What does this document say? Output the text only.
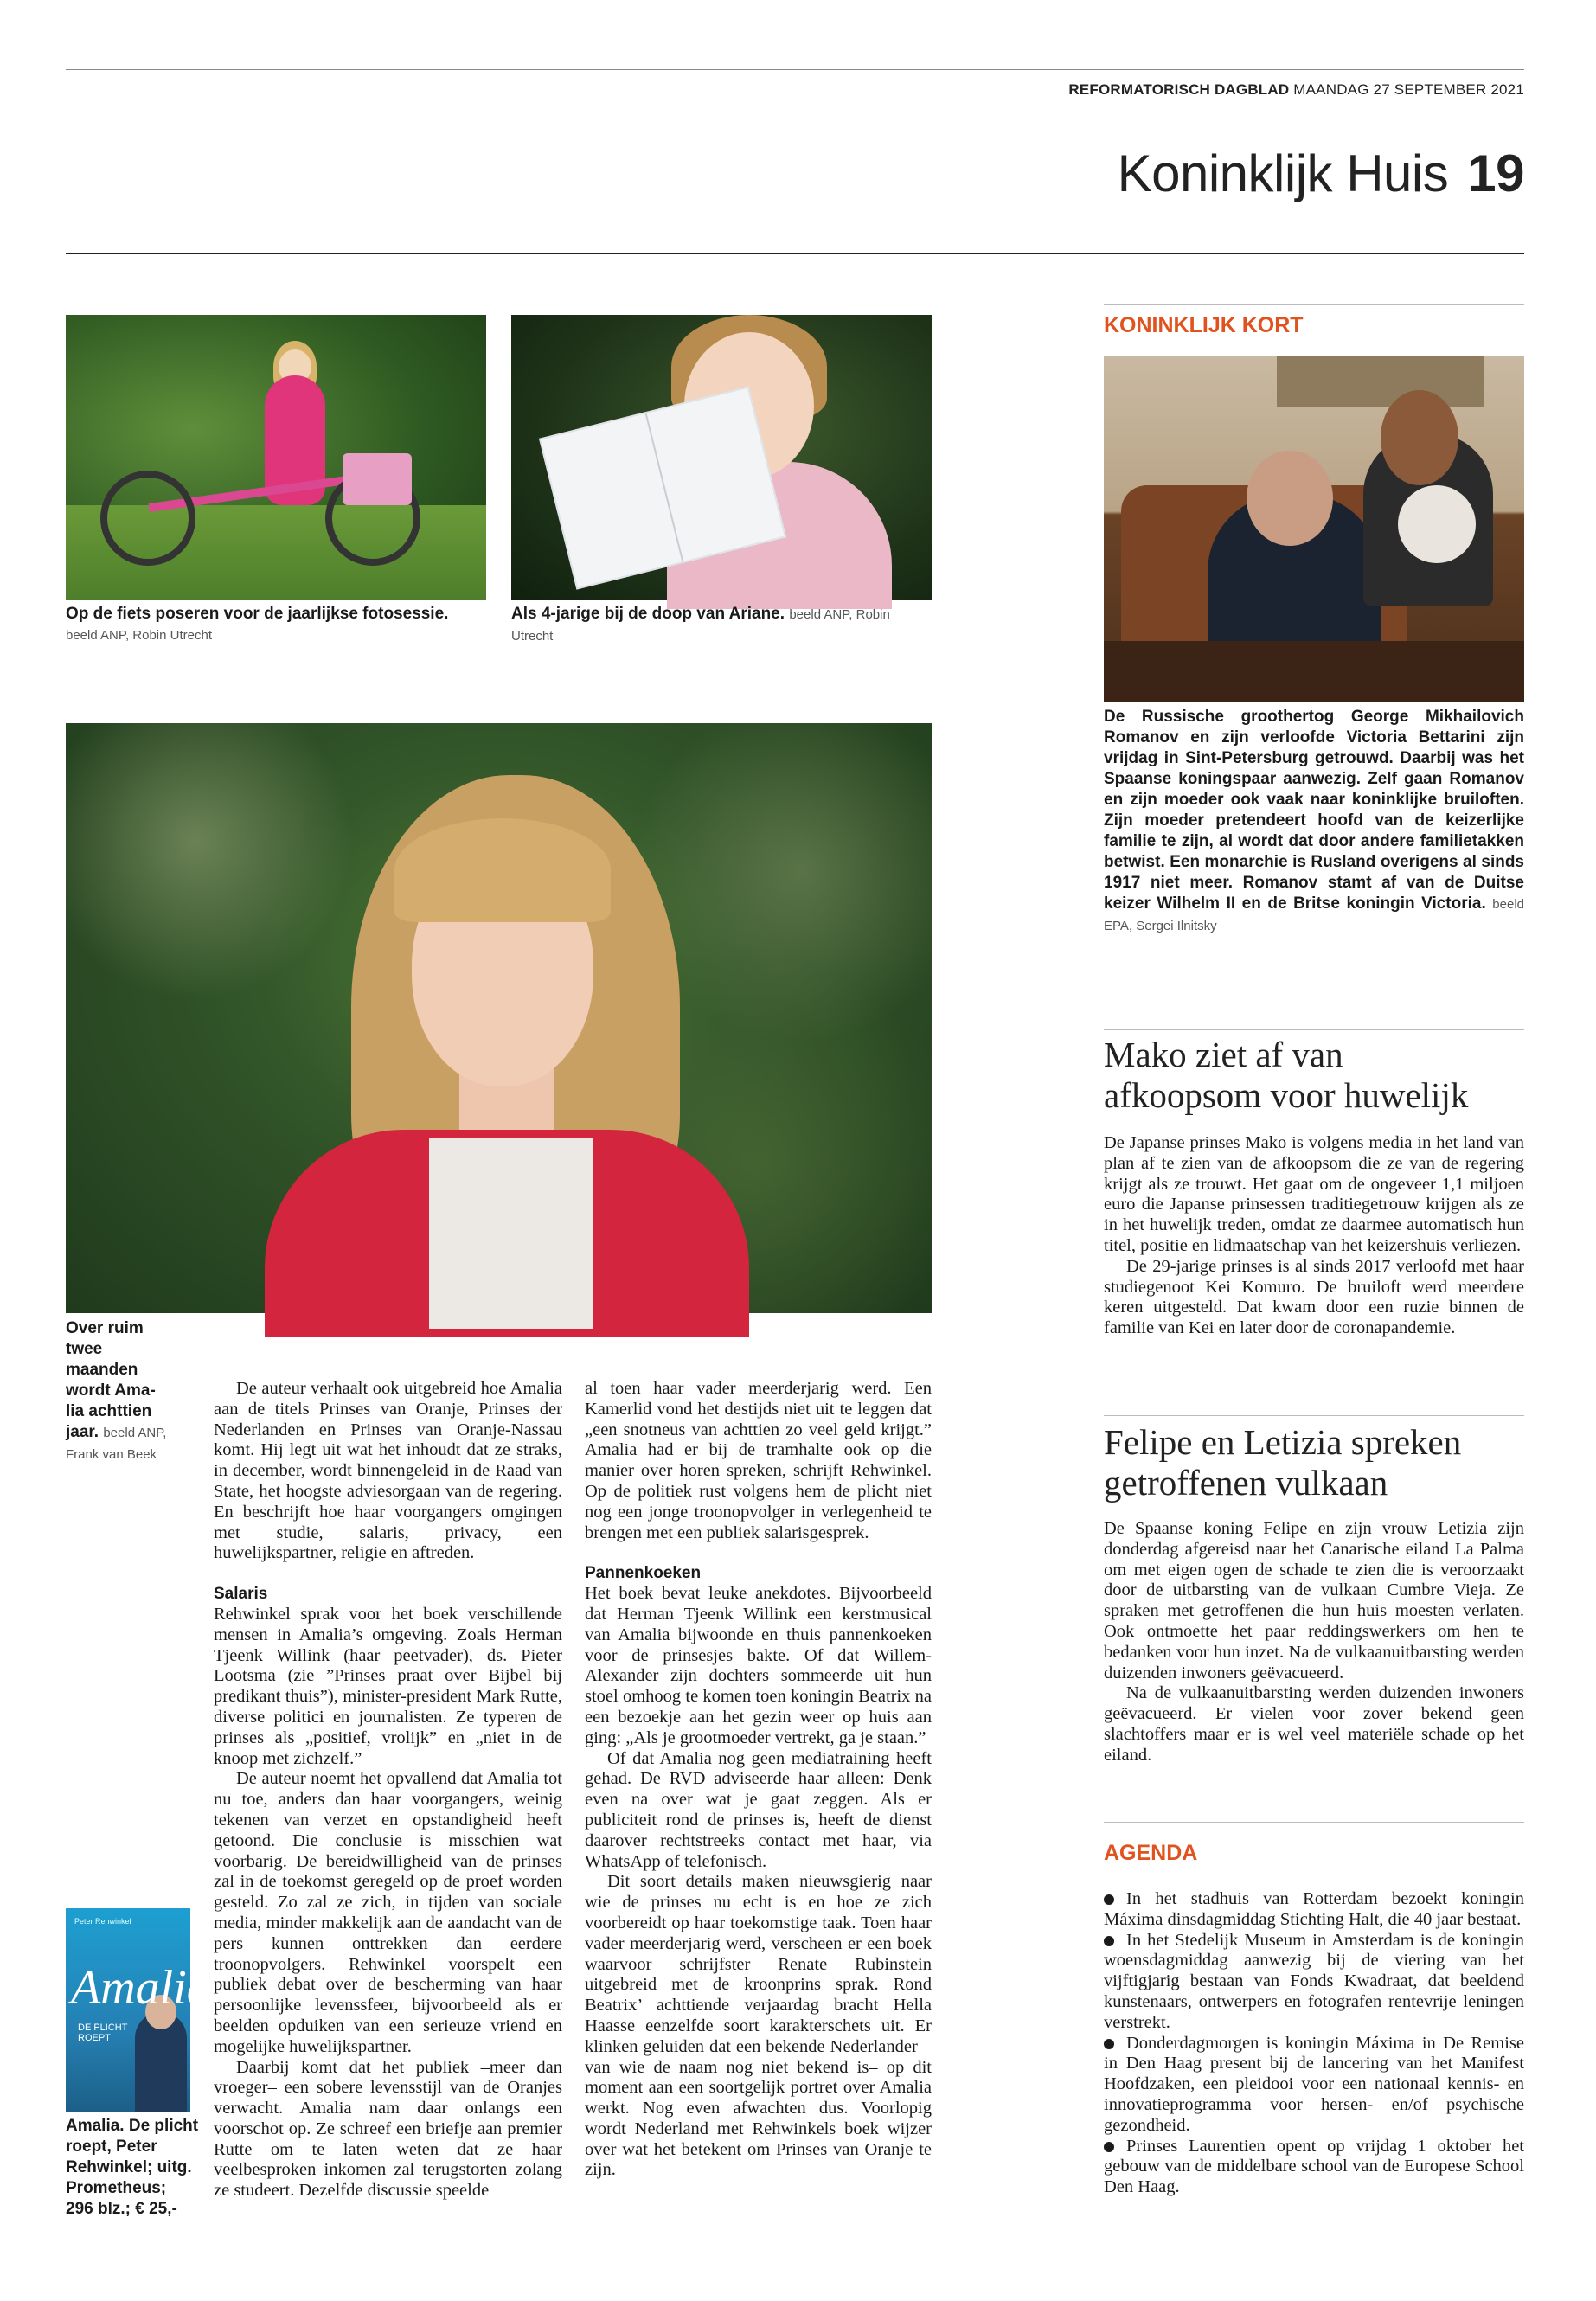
REFORMATORISCH DAGBLAD MAANDAG 27 SEPTEMBER 2021
Koninklijk Huis 19
Op de fiets poseren voor de jaarlijkse fotosessie.
beeld ANP, Robin Utrecht
Als 4-jarige bij de doop van Ariane. beeld ANP, Robin Utrecht
Over ruim
twee maanden
wordt Ama-
lia achttien
jaar. beeld ANP, Frank van Beek
Peter Rehwinkel
Amalia
DE PLICHT
ROEPT
Amalia. De plicht
roept, Peter
Rehwinkel; uitg.
Prometheus;
296 blz.; € 25,-

De auteur verhaalt ook uitgebreid hoe Amalia aan de titels Prinses van Oranje, Prinses der Nederlanden en Prinses van Oranje-Nassau komt. Hij legt uit wat het inhoudt dat ze straks, in december, wordt binnengeleid in de Raad van State, het hoogste adviesorgaan van de regering. En beschrijft hoe haar voorgangers omgingen met studie, salaris, privacy, een huwelijkspartner, religie en aftreden.

Salaris

Rehwinkel sprak voor het boek verschillende mensen in Amalia’s omgeving. Zoals Herman Tjeenk Willink (haar peetvader), ds. Pieter Lootsma (zie ”Prinses praat over Bijbel bij predikant thuis”), minister-president Mark Rutte, diverse politici en journalisten. Ze typeren de prinses als „positief, vrolijk” en „niet in de knoop met zichzelf.”

De auteur noemt het opvallend dat Amalia tot nu toe, anders dan haar voorgangers, weinig tekenen van verzet en opstandigheid heeft getoond. Die conclusie is misschien wat voorbarig. De bereidwilligheid van de prinses zal in de toekomst geregeld op de proef worden gesteld. Zo zal ze zich, in tijden van sociale media, minder makkelijk aan de aandacht van de pers kunnen onttrekken dan eerdere troonopvolgers. Rehwinkel voorspelt een publiek debat over de bescherming van haar persoonlijke levenssfeer, bijvoorbeeld als er beelden opduiken van een serieuze vriend en mogelijke huwelijkspartner.

Daarbij komt dat het publiek –meer dan vroeger– een sobere levensstijl van de Oranjes verwacht. Amalia nam daar onlangs een voorschot op. Ze schreef een briefje aan premier Rutte om te laten weten dat ze haar veelbesproken inkomen zal terugstorten zolang ze studeert. Dezelfde discussie speelde

al toen haar vader meerderjarig werd. Een Kamerlid vond het destijds niet uit te leggen dat „een snotneus van achttien zo veel geld krijgt.” Amalia had er bij de tramhalte ook op die manier over horen spreken, schrijft Rehwinkel. Op de politiek rust volgens hem de plicht niet nog een jonge troonopvolger in verlegenheid te brengen met een publiek salarisgesprek.

Pannenkoeken

Het boek bevat leuke anekdotes. Bijvoorbeeld dat Herman Tjeenk Willink een kerstmusical van Amalia bijwoonde en thuis pannenkoeken voor de prinsesjes bakte. Of dat Willem-Alexander zijn dochters sommeerde uit hun stoel omhoog te komen toen koningin Beatrix na een bezoekje aan het gezin weer op huis aan ging: „Als je grootmoeder vertrekt, ga je staan.”

Of dat Amalia nog geen mediatraining heeft gehad. De RVD adviseerde haar alleen: Denk even na over wat je gaat zeggen. Als er publiciteit rond de prinses is, heeft de dienst daarover rechtstreeks contact met haar, via WhatsApp of telefonisch.

Dit soort details maken nieuwsgierig naar wie de prinses nu echt is en hoe ze zich voorbereidt op haar toekomstige taak. Toen haar vader meerderjarig werd, verscheen er een boek waarvoor schrijfster Renate Rubinstein uitgebreid met de kroonprins sprak. Rond Beatrix’ achttiende verjaardag bracht Hella Haasse eenzelfde soort karakterschets uit. Er klinken geluiden dat een bekende Nederlander –van wie de naam nog niet bekend is– op dit moment aan een soortgelijk portret over Amalia werkt. Nog even afwachten dus. Voorlopig wordt Nederland met Rehwinkels boek wijzer over wat het betekent om Prinses van Oranje te zijn.

KONINKLIJK KORT
De Russische groothertog George Mikhailovich Romanov en zijn verloofde Victoria Bettarini zijn vrijdag in Sint-Petersburg getrouwd. Daarbij was het Spaanse koningspaar aanwezig. Zelf gaan Romanov en zijn moeder ook vaak naar koninklijke bruiloften. Zijn moeder pretendeert hoofd van de keizerlijke familie te zijn, al wordt dat door andere familietakken betwist. Een monarchie is Rusland overigens al sinds 1917 niet meer. Romanov stamt af van de Duitse keizer Wilhelm II en de Britse koningin Victoria. beeld EPA, Sergei Ilnitsky
Mako ziet af van
afkoopsom voor huwelijk

De Japanse prinses Mako is volgens media in het land van plan af te zien van de afkoopsom die ze van de regering krijgt als ze trouwt. Het gaat om de ongeveer 1,1 miljoen euro die Japanse prinsessen traditiegetrouw krijgen als ze in het huwelijk treden, omdat ze daarmee automatisch hun titel, positie en lidmaatschap van het keizershuis verliezen.

De 29-jarige prinses is al sinds 2017 verloofd met haar studiegenoot Kei Komuro. De bruiloft werd meerdere keren uitgesteld. Dat kwam door een ruzie binnen de familie van Kei en later door de coronapandemie.

Felipe en Letizia spreken
getroffenen vulkaan

De Spaanse koning Felipe en zijn vrouw Letizia zijn donderdag afgereisd naar het Canarische eiland La Palma om met eigen ogen de schade te zien die is veroorzaakt door de uitbarsting van de vulkaan Cumbre Vieja. Ze spraken met getroffenen die hun huis moesten verlaten. Ook ontmoette het paar reddingswerkers om hen te bedanken voor hun inzet. Na de vulkaanuitbarsting werden duizenden inwoners geëvacueerd.

Na de vulkaanuitbarsting werden duizenden inwoners geëvacueerd. Er vielen voor zover bekend geen slachtoffers maar er is wel veel materiële schade op het eiland.

AGENDA
In het stadhuis van Rotterdam bezoekt koningin Máxima dinsdagmiddag Stichting Halt, die 40 jaar bestaat.
In het Stedelijk Museum in Amsterdam is de koningin woensdagmiddag aanwezig bij de viering van het vijftigjarig bestaan van Fonds Kwadraat, dat beeldend kunstenaars, ontwerpers en fotografen rentevrije leningen verstrekt.
Donderdagmorgen is koningin Máxima in De Remise in Den Haag present bij de lancering van het Manifest Hoofdzaken, een pleidooi voor een nationaal kennis- en innovatieprogramma voor hersen- en/of psychische gezondheid.
Prinses Laurentien opent op vrijdag 1 oktober het gebouw van de middelbare school van de Europese School Den Haag.
